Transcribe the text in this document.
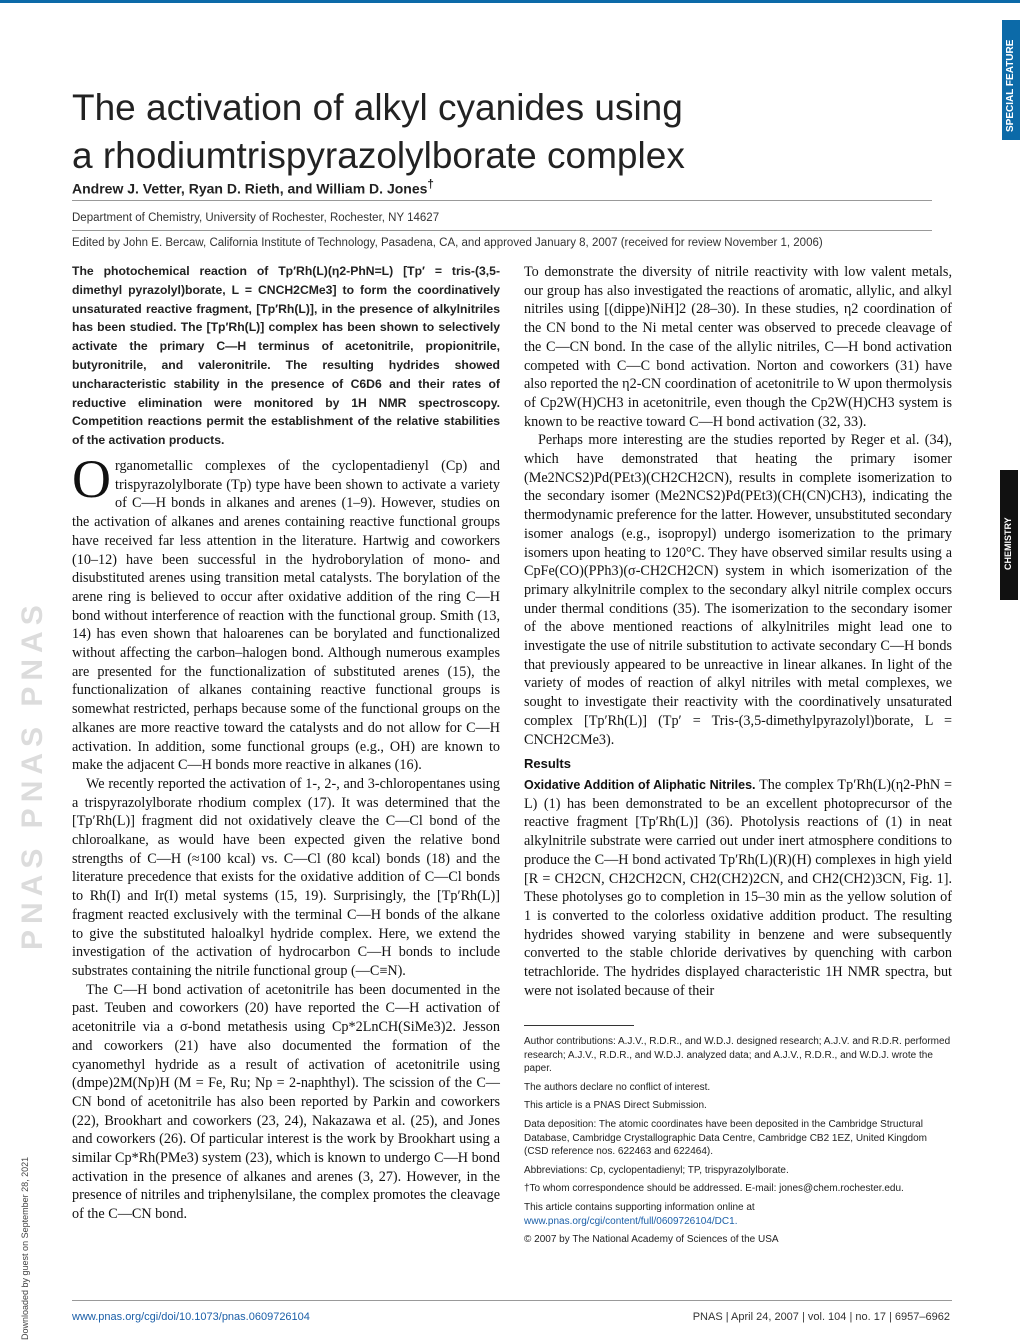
The activation of alkyl cyanides using
a rhodiumtrispyrazolylborate complex
Andrew J. Vetter, Ryan D. Rieth, and William D. Jones†
Department of Chemistry, University of Rochester, Rochester, NY 14627
Edited by John E. Bercaw, California Institute of Technology, Pasadena, CA, and approved January 8, 2007 (received for review November 1, 2006)
The photochemical reaction of Tp′Rh(L)(η2-PhN=L) [Tp′ = tris-(3,5-dimethyl pyrazolyl)borate, L = CNCH2CMe3] to form the coordinatively unsaturated reactive fragment, [Tp′Rh(L)], in the presence of alkylnitriles has been studied. The [Tp′Rh(L)] complex has been shown to selectively activate the primary C—H terminus of acetonitrile, propionitrile, butyronitrile, and valeronitrile. The resulting hydrides showed uncharacteristic stability in the presence of C6D6 and their rates of reductive elimination were monitored by 1H NMR spectroscopy. Competition reactions permit the establishment of the relative stabilities of the activation products.

Organometallic complexes of the cyclopentadienyl (Cp) and trispyrazolylborate (Tp) type have been shown to activate a variety of C—H bonds in alkanes and arenes (1–9). However, studies on the activation of alkanes and arenes containing reactive functional groups have received far less attention in the literature. Hartwig and coworkers (10–12) have been successful in the hydroborylation of mono- and disubstituted arenes using transition metal catalysts. The borylation of the arene ring is believed to occur after oxidative addition of the ring C—H bond without interference of reaction with the functional group. Smith (13, 14) has even shown that haloarenes can be borylated and functionalized without affecting the carbon–halogen bond. Although numerous examples are presented for the functionalization of substituted arenes (15), the functionalization of alkanes containing reactive functional groups is somewhat restricted, perhaps because some of the functional groups on the alkanes are more reactive toward the catalysts and do not allow for C—H activation. In addition, some functional groups (e.g., OH) are known to make the adjacent C—H bonds more reactive in alkanes (16).

We recently reported the activation of 1-, 2-, and 3-chloropentanes using a trispyrazolylborate rhodium complex (17). It was determined that the [Tp′Rh(L)] fragment did not oxidatively cleave the C—Cl bond of the chloroalkane, as would have been expected given the relative bond strengths of C—H (≈100 kcal) vs. C—Cl (80 kcal) bonds (18) and the literature precedence that exists for the oxidative addition of C—Cl bonds to Rh(I) and Ir(I) metal systems (15, 19). Surprisingly, the [Tp′Rh(L)] fragment reacted exclusively with the terminal C—H bonds of the alkane to give the substituted haloalkyl hydride complex. Here, we extend the investigation of the activation of hydrocarbon C—H bonds to include substrates containing the nitrile functional group (—C≡N).

The C—H bond activation of acetonitrile has been documented in the past. Teuben and coworkers (20) have reported the C—H activation of acetonitrile via a σ-bond metathesis using Cp*2LnCH(SiMe3)2. Jesson and coworkers (21) have also documented the formation of the cyanomethyl hydride as a result of activation of acetonitrile using (dmpe)2M(Np)H (M = Fe, Ru; Np = 2-naphthyl). The scission of the C—CN bond of acetonitrile has also been reported by Parkin and coworkers (22), Brookhart and coworkers (23, 24), Nakazawa et al. (25), and Jones and coworkers (26). Of particular interest is the work by Brookhart using a similar Cp*Rh(PMe3) system (23), which is known to undergo C—H bond activation in the presence of alkanes and arenes (3, 27). However, in the presence of nitriles and triphenylsilane, the complex promotes the cleavage of the C—CN bond.

To demonstrate the diversity of nitrile reactivity with low valent metals, our group has also investigated the reactions of aromatic, allylic, and alkyl nitriles using [(dippe)NiH]2 (28–30). In these studies, η2 coordination of the CN bond to the Ni metal center was observed to precede cleavage of the C—CN bond. In the case of the allylic nitriles, C—H bond activation competed with C—C bond activation. Norton and coworkers (31) have also reported the η2-CN coordination of acetonitrile to W upon thermolysis of Cp2W(H)CH3 in acetonitrile, even though the Cp2W(H)CH3 system is known to be reactive toward C—H bond activation (32, 33).

Perhaps more interesting are the studies reported by Reger et al. (34), which have demonstrated that heating the primary isomer (Me2NCS2)Pd(PEt3)(CH2CH2CN), results in complete isomerization to the secondary isomer (Me2NCS2)Pd(PEt3)(CH(CN)CH3), indicating the thermodynamic preference for the latter. However, unsubstituted secondary isomer analogs (e.g., isopropyl) undergo isomerization to the primary isomers upon heating to 120°C. They have observed similar results using a CpFe(CO)(PPh3)(σ-CH2CH2CN) system in which isomerization of the primary alkylnitrile complex to the secondary alkyl nitrile complex occurs under thermal conditions (35). The isomerization to the secondary isomer of the above mentioned reactions of alkylnitriles might lead one to investigate the use of nitrile substitution to activate secondary C—H bonds that previously appeared to be unreactive in linear alkanes. In light of the variety of modes of reaction of alkyl nitriles with metal complexes, we sought to investigate their reactivity with the coordinatively unsaturated complex [Tp′Rh(L)] (Tp′ = Tris-(3,5-dimethylpyrazolyl)borate, L = CNCH2CMe3).

Results

Oxidative Addition of Aliphatic Nitriles. The complex Tp′Rh(L)(η2-PhN = L) (1) has been demonstrated to be an excellent photoprecursor of the reactive fragment [Tp′Rh(L)] (36). Photolysis reactions of (1) in neat alkylnitrile substrate were carried out under inert atmosphere conditions to produce the C—H bond activated Tp′Rh(L)(R)(H) complexes in high yield [R = CH2CN, CH2CH2CN, CH2(CH2)2CN, and CH2(CH2)3CN, Fig. 1]. These photolyses go to completion in 15–30 min as the yellow solution of 1 is converted to the colorless oxidative addition product. The resulting hydrides showed varying stability in benzene and were subsequently converted to the stable chloride derivatives by quenching with carbon tetrachloride. The hydrides displayed characteristic 1H NMR spectra, but were not isolated because of their

Author contributions: A.J.V., R.D.R., and W.D.J. designed research; A.J.V. and R.D.R. performed research; A.J.V., R.D.R., and W.D.J. analyzed data; and A.J.V., R.D.R., and W.D.J. wrote the paper.
The authors declare no conflict of interest.
This article is a PNAS Direct Submission.
Data deposition: The atomic coordinates have been deposited in the Cambridge Structural Database, Cambridge Crystallographic Data Centre, Cambridge CB2 1EZ, United Kingdom (CSD reference nos. 622463 and 622464).
Abbreviations: Cp, cyclopentadienyl; TP, trispyrazolylborate.
†To whom correspondence should be addressed. E-mail: jones@chem.rochester.edu.
This article contains supporting information online at www.pnas.org/cgi/content/full/0609726104/DC1.
© 2007 by The National Academy of Sciences of the USA
www.pnas.org/cgi/doi/10.1073/pnas.0609726104	PNAS | April 24, 2007 | vol. 104 | no. 17 | 6957–6962
SPECIAL FEATURE
CHEMISTRY
PNAS PNAS PNAS
Downloaded by guest on September 28, 2021
